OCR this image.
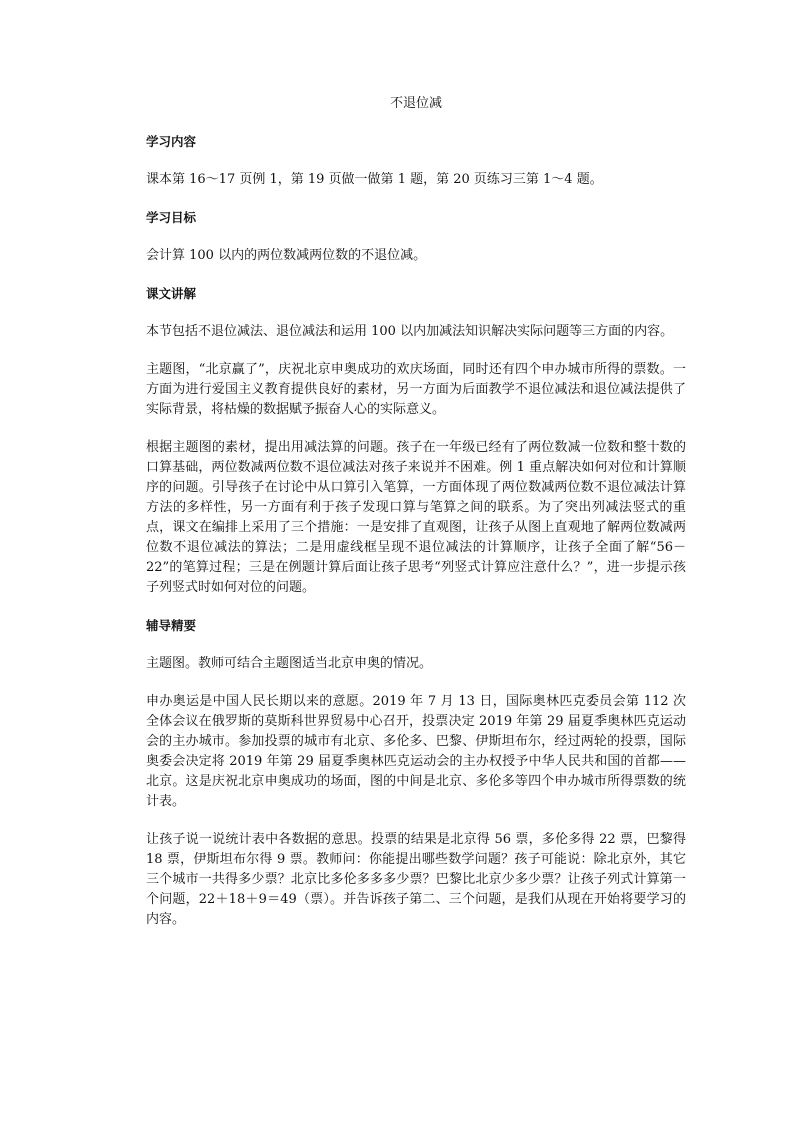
不退位减
学习内容
课本第 16～17 页例 1，第 19 页做一做第 1 题，第 20 页练习三第 1～4 题。
学习目标
会计算 100 以内的两位数减两位数的不退位减。
课文讲解
本节包括不退位减法、退位减法和运用 100 以内加减法知识解决实际问题等三方面的内容。
主题图，“北京赢了”，庆祝北京申奥成功的欢庆场面，同时还有四个申办城市所得的票数。一方面为进行爱国主义教育提供良好的素材，另一方面为后面教学不退位减法和退位减法提供了实际背景，将枯燥的数据赋予振奋人心的实际意义。
根据主题图的素材，提出用减法算的问题。孩子在一年级已经有了两位数减一位数和整十数的口算基础，两位数减两位数不退位减法对孩子来说并不困难。例 1 重点解决如何对位和计算顺序的问题。引导孩子在讨论中从口算引入笔算，一方面体现了两位数减两位数不退位减法计算方法的多样性，另一方面有利于孩子发现口算与笔算之间的联系。为了突出列减法竖式的重点，课文在编排上采用了三个措施：一是安排了直观图，让孩子从图上直观地了解两位数减两位数不退位减法的算法；二是用虚线框呈现不退位减法的计算顺序，让孩子全面了解“56－22”的笔算过程；三是在例题计算后面让孩子思考“列竖式计算应注意什么？”，进一步提示孩子列竖式时如何对位的问题。
辅导精要
主题图。教师可结合主题图适当北京申奥的情况。
申办奥运是中国人民长期以来的意愿。2019 年 7 月 13 日，国际奥林匹克委员会第 112 次全体会议在俄罗斯的莫斯科世界贸易中心召开，投票决定 2019 年第 29 届夏季奥林匹克运动会的主办城市。参加投票的城市有北京、多伦多、巴黎、伊斯坦布尔，经过两轮的投票，国际奥委会决定将 2019 年第 29 届夏季奥林匹克运动会的主办权授予中华人民共和国的首都——北京。这是庆祝北京申奥成功的场面，图的中间是北京、多伦多等四个申办城市所得票数的统计表。
让孩子说一说统计表中各数据的意思。投票的结果是北京得 56 票，多伦多得 22 票，巴黎得 18 票，伊斯坦布尔得 9 票。教师问：你能提出哪些数学问题？孩子可能说：除北京外，其它三个城市一共得多少票？北京比多伦多多多少票？巴黎比北京少多少票？让孩子列式计算第一个问题，22＋18＋9＝49（票）。并告诉孩子第二、三个问题，是我们从现在开始将要学习的内容。
